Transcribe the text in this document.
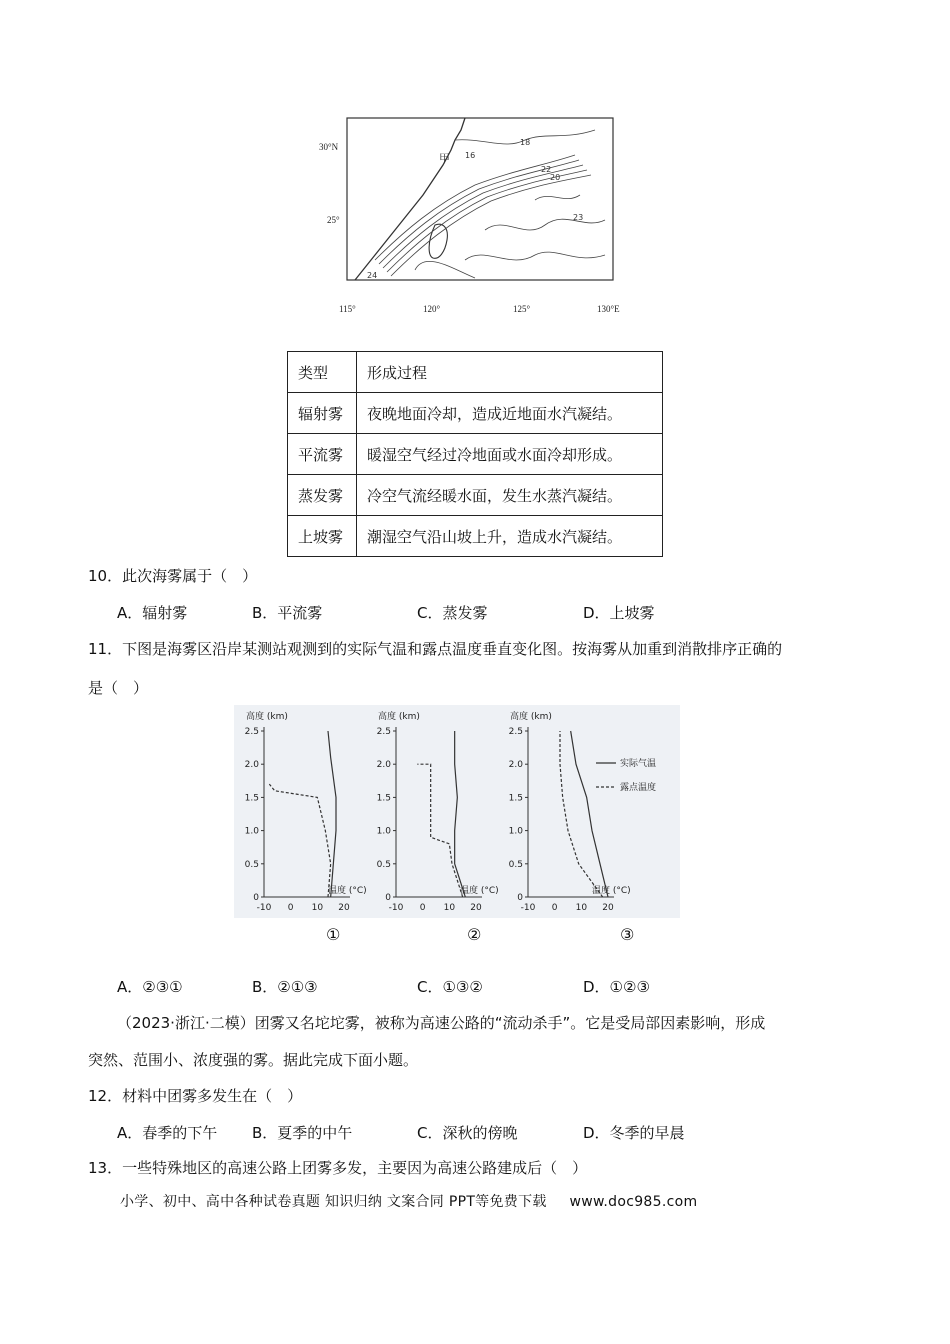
30°N
25°
115°	120°	125°	130°E
甲 16
18
20
22
23
24
类型	形成过程
辐射雾	夜晚地面冷却，造成近地面水汽凝结。
平流雾	暖湿空气经过冷地面或水面冷却形成。
蒸发雾	冷空气流经暖水面，发生水蒸汽凝结。
上坡雾	潮湿空气沿山坡上升，造成水汽凝结。
10．此次海雾属于（　）
A．辐射雾	B．平流雾	C．蒸发雾	D．上坡雾
11．下图是海雾区沿岸某测站观测到的实际气温和露点温度垂直变化图。按海雾从加重到消散排序正确的
是（　）
高度 (km)
0
0.5
1.0
1.5
2.0
2.5
-10 0 10 20
温度 (°C)
高度 (km)
0
0.5
1.0
1.5
2.0
2.5
-10 0 10 20
温度 (°C)
高度 (km)
0
0.5
1.0
1.5
2.0
2.5
-10 0 10 20
温度 (°C)
实际气温
露点温度
①	②	③
A．②③①	B．②①③	C．①③②	D．①②③
（2023·浙江·二模）团雾又名坨坨雾，被称为高速公路的“流动杀手”。它是受局部因素影响，形成
突然、范围小、浓度强的雾。据此完成下面小题。
12．材料中团雾多发生在（　）
A．春季的下午 B．夏季的中午	C．深秋的傍晚	D．冬季的早晨
13．一些特殊地区的高速公路上团雾多发，主要因为高速公路建成后（　）
小学、初中、高中各种试卷真题 知识归纳 文案合同 PPT等免费下载 www.doc985.com
